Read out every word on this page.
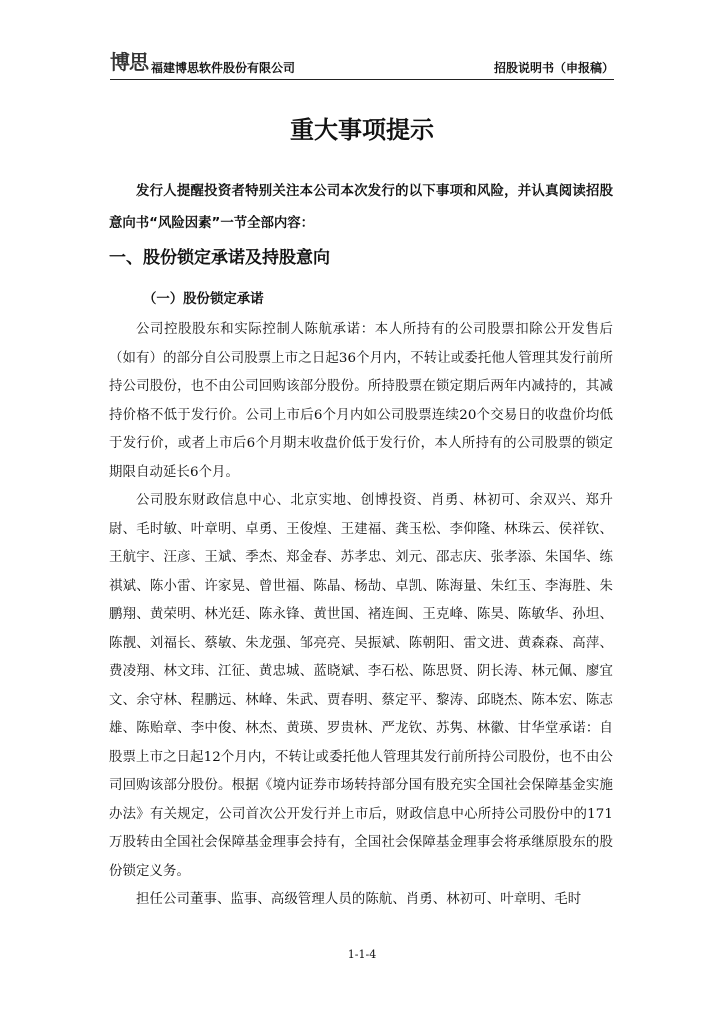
博思 福建博思软件股份有限公司	招股说明书（申报稿）
重大事项提示

发行人提醒投资者特别关注本公司本次发行的以下事项和风险，并认真阅读招股意向书“风险因素”一节全部内容：

一、股份锁定承诺及持股意向
（一）股份锁定承诺

公司控股股东和实际控制人陈航承诺：本人所持有的公司股票扣除公开发售后（如有）的部分自公司股票上市之日起36个月内，不转让或委托他人管理其发行前所持公司股份，也不由公司回购该部分股份。所持股票在锁定期后两年内减持的，其减持价格不低于发行价。公司上市后6个月内如公司股票连续20个交易日的收盘价均低于发行价，或者上市后6个月期末收盘价低于发行价，本人所持有的公司股票的锁定期限自动延长6个月。

公司股东财政信息中心、北京实地、创博投资、肖勇、林初可、余双兴、郑升尉、毛时敏、叶章明、卓勇、王俊煌、王建福、龚玉松、李仰隆、林珠云、侯祥钦、王航宇、汪彦、王斌、季杰、郑金春、苏孝忠、刘元、邵志庆、张孝添、朱国华、练祺斌、陈小雷、许家晃、曾世福、陈晶、杨劼、卓凯、陈海量、朱红玉、李海胜、朱鹏翔、黄荣明、林光廷、陈永锋、黄世国、褚连闽、王克峰、陈昊、陈敏华、孙坦、陈靓、刘福长、蔡敏、朱龙强、邹亮亮、吴振斌、陈朝阳、雷文进、黄森森、高萍、费凌翔、林文玮、江征、黄忠城、蓝晓斌、李石松、陈思贤、阴长涛、林元佩、廖宜文、余守林、程鹏远、林峰、朱武、贾春明、蔡定平、黎涛、邱晓杰、陈本宏、陈志雄、陈贻章、李中俊、林杰、黄瑛、罗贵林、严龙钦、苏隽、林徽、甘华堂承诺：自股票上市之日起12个月内，不转让或委托他人管理其发行前所持公司股份，也不由公司回购该部分股份。根据《境内证券市场转持部分国有股充实全国社会保障基金实施办法》有关规定，公司首次公开发行并上市后，财政信息中心所持公司股份中的171万股转由全国社会保障基金理事会持有，全国社会保障基金理事会将承继原股东的股份锁定义务。

担任公司董事、监事、高级管理人员的陈航、肖勇、林初可、叶章明、毛时

1-1-4
